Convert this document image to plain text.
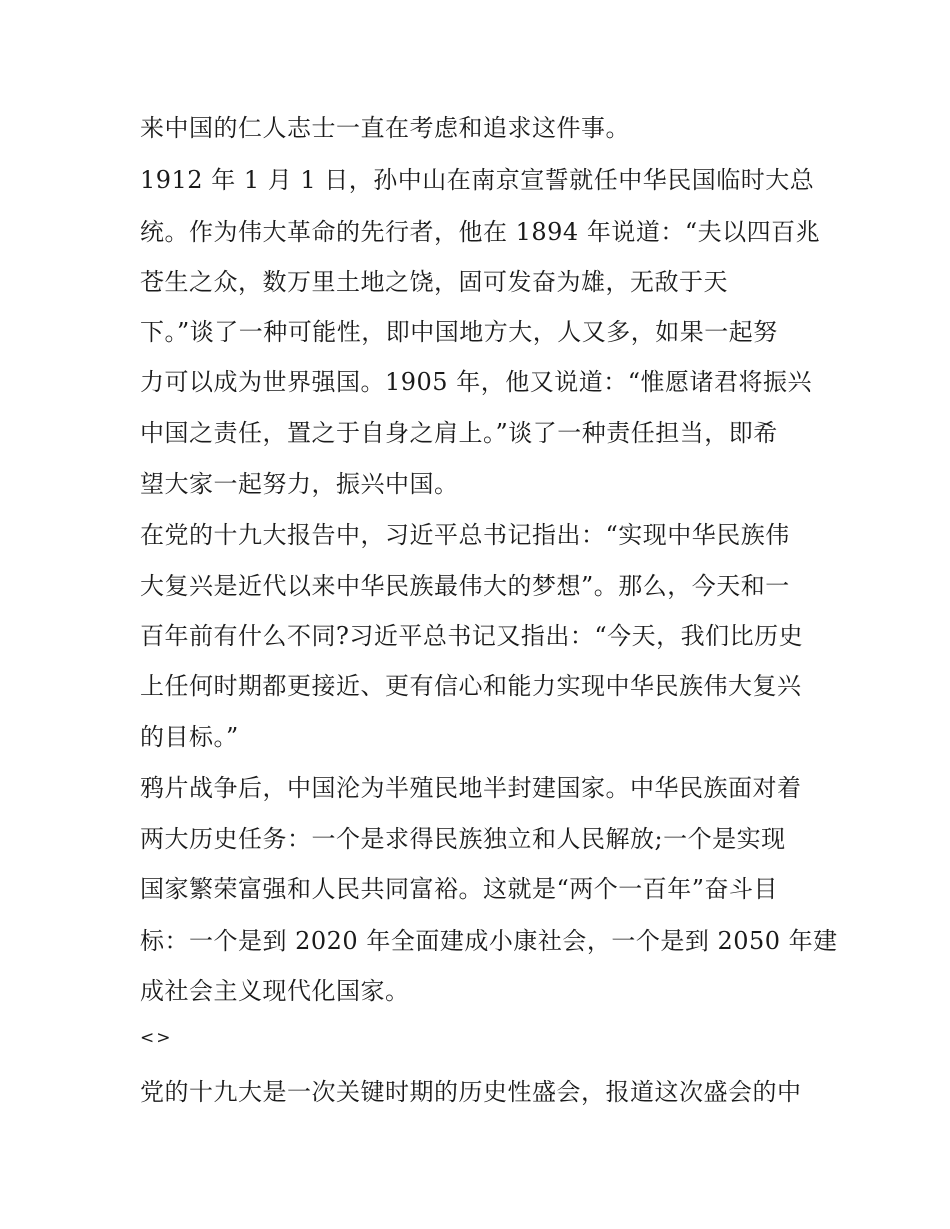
来中国的仁人志士一直在考虑和追求这件事。
1912 年 1 月 1 日，孙中山在南京宣誓就任中华民国临时大总
统。作为伟大革命的先行者，他在 1894 年说道：“夫以四百兆
苍生之众，数万里土地之饶，固可发奋为雄，无敌于天
下。”谈了一种可能性，即中国地方大，人又多，如果一起努
力可以成为世界强国。1905 年，他又说道：“惟愿诸君将振兴
中国之责任，置之于自身之肩上。”谈了一种责任担当，即希
望大家一起努力，振兴中国。
在党的十九大报告中，习近平总书记指出：“实现中华民族伟
大复兴是近代以来中华民族最伟大的梦想”。那么，今天和一
百年前有什么不同?习近平总书记又指出：“今天，我们比历史
上任何时期都更接近、更有信心和能力实现中华民族伟大复兴
的目标。”
鸦片战争后，中国沦为半殖民地半封建国家。中华民族面对着
两大历史任务：一个是求得民族独立和人民解放;一个是实现
国家繁荣富强和人民共同富裕。这就是“两个一百年”奋斗目
标：一个是到 2020 年全面建成小康社会，一个是到 2050 年建
成社会主义现代化国家。
<>
党的十九大是一次关键时期的历史性盛会，报道这次盛会的中
